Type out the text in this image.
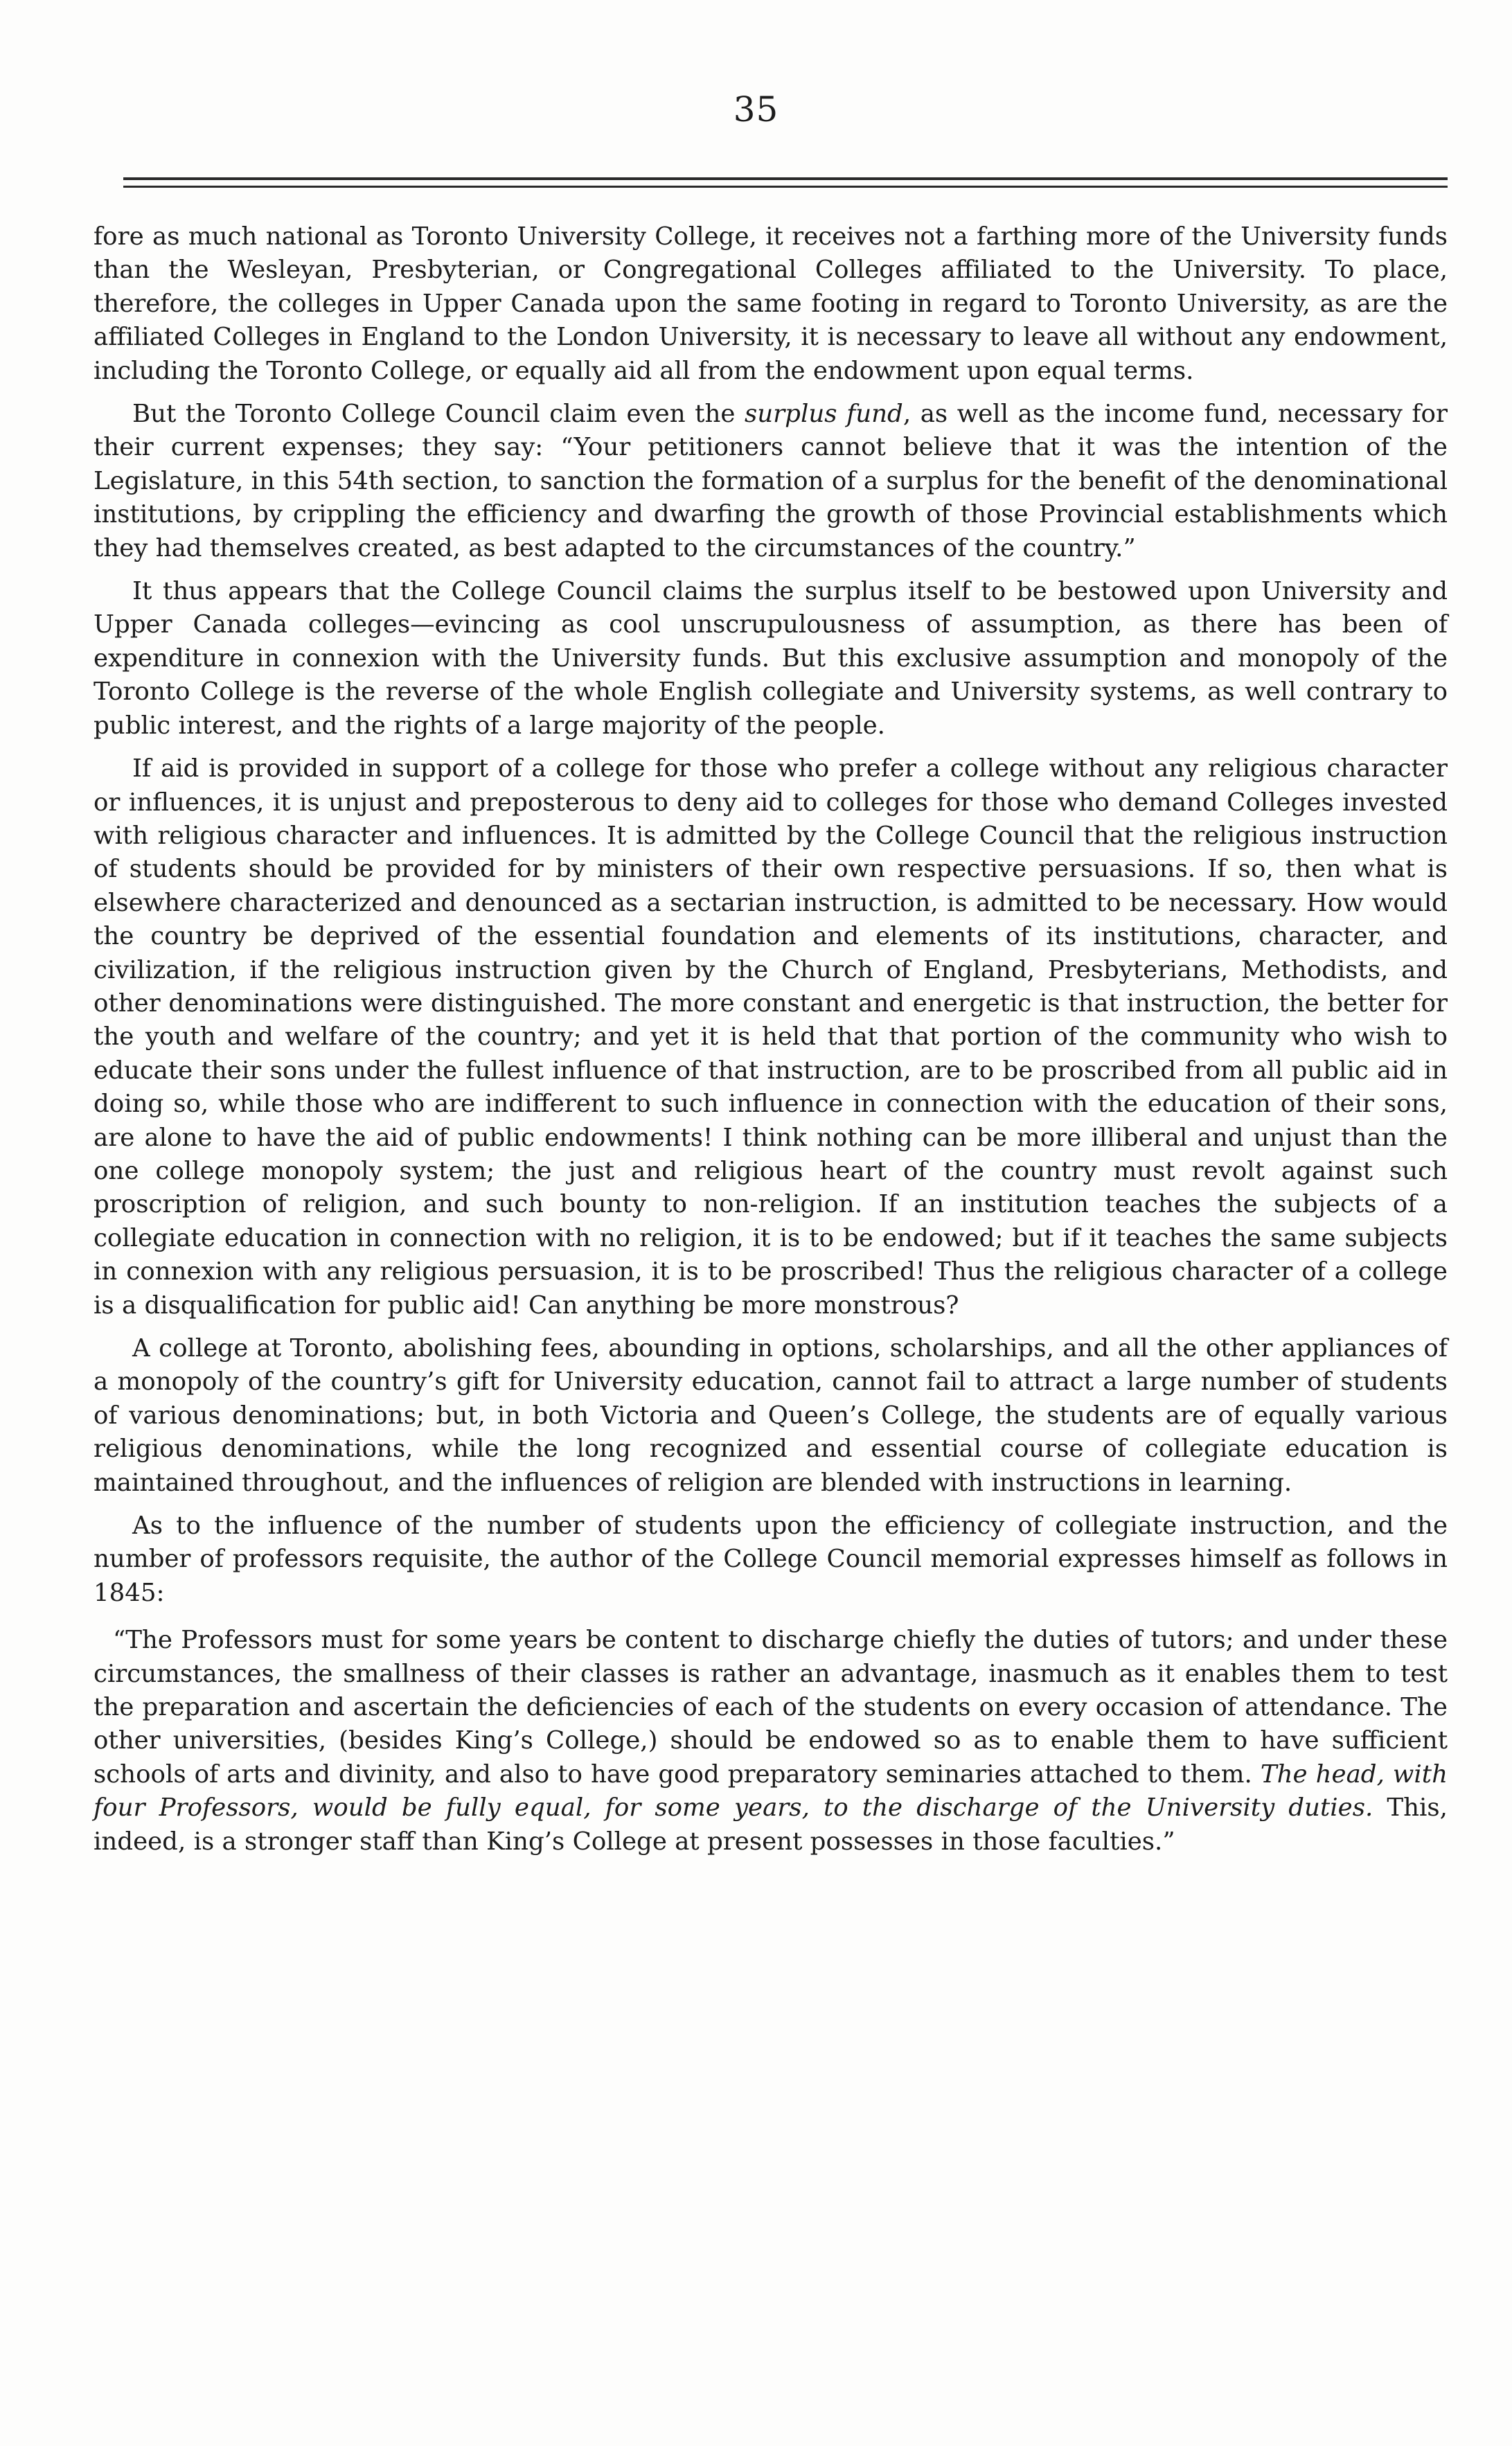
35

fore as much national as Toronto University College, it receives not a farthing more of the University funds than the Wesleyan, Presbyterian, or Congregational Colleges affiliated to the University. To place, therefore, the colleges in Upper Canada upon the same footing in regard to Toronto University, as are the affiliated Colleges in England to the London University, it is necessary to leave all without any endowment, including the Toronto College, or equally aid all from the endowment upon equal terms.

But the Toronto College Council claim even the surplus fund, as well as the income fund, necessary for their current expenses; they say: “Your petitioners cannot believe that it was the intention of the Legislature, in this 54th section, to sanction the formation of a surplus for the benefit of the denominational institutions, by crippling the efficiency and dwarfing the growth of those Provincial establishments which they had themselves created, as best adapted to the circumstances of the country.”

It thus appears that the College Council claims the surplus itself to be bestowed upon University and Upper Canada colleges—evincing as cool unscrupulousness of assumption, as there has been of expenditure in connexion with the University funds. But this exclusive assumption and monopoly of the Toronto College is the reverse of the whole English collegiate and University systems, as well contrary to public interest, and the rights of a large majority of the people.

If aid is provided in support of a college for those who prefer a college without any religious character or influences, it is unjust and preposterous to deny aid to colleges for those who demand Colleges invested with religious character and influences. It is admitted by the College Council that the religious instruction of students should be provided for by ministers of their own respective persuasions. If so, then what is elsewhere characterized and denounced as a sectarian instruction, is admitted to be necessary. How would the country be deprived of the essential foundation and elements of its institutions, character, and civilization, if the religious instruction given by the Church of England, Presbyterians, Methodists, and other denominations were distinguished. The more constant and energetic is that instruction, the better for the youth and welfare of the country; and yet it is held that that portion of the community who wish to educate their sons under the fullest influence of that instruction, are to be proscribed from all public aid in doing so, while those who are indifferent to such influence in connection with the education of their sons, are alone to have the aid of public endowments! I think nothing can be more illiberal and unjust than the one college monopoly system; the just and religious heart of the country must revolt against such proscription of religion, and such bounty to non-religion. If an institution teaches the subjects of a collegiate education in connection with no religion, it is to be endowed; but if it teaches the same subjects in connexion with any religious persuasion, it is to be proscribed! Thus the religious character of a college is a disqualification for public aid! Can anything be more monstrous?

A college at Toronto, abolishing fees, abounding in options, scholarships, and all the other appliances of a monopoly of the country’s gift for University education, cannot fail to attract a large number of students of various denominations; but, in both Victoria and Queen’s College, the students are of equally various religious denominations, while the long recognized and essential course of collegiate education is maintained throughout, and the influences of religion are blended with instructions in learning.

As to the influence of the number of students upon the efficiency of collegiate instruction, and the number of professors requisite, the author of the College Council memorial expresses himself as follows in 1845:

“The Professors must for some years be content to discharge chiefly the duties of tutors; and under these circumstances, the smallness of their classes is rather an advantage, inasmuch as it enables them to test the preparation and ascertain the deficiencies of each of the students on every occasion of attendance. The other universities, (besides King’s College,) should be endowed so as to enable them to have sufficient schools of arts and divinity, and also to have good preparatory seminaries attached to them. The head, with four Professors, would be fully equal, for some years, to the discharge of the University duties. This, indeed, is a stronger staff than King’s College at present possesses in those faculties.”
